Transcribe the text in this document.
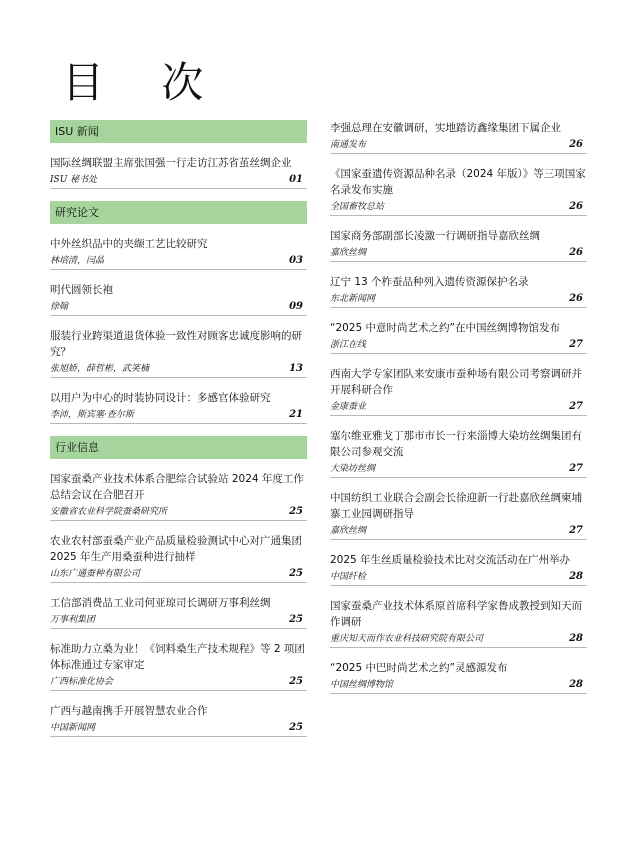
目 次
ISU 新闻
国际丝绸联盟主席张国强一行走访江苏省茧丝绸企业
ISU 秘书处	01
研究论文
中外丝织品中的夹缬工艺比较研究
林培清，闫晶	03
明代圆领长袍
徐翰	09
服装行业跨渠道退货体验一致性对顾客忠诚度影响的研究？
张旭娇，薛哲彬，武笑楠	13
以用户为中心的时装协同设计：多感官体验研究
李沛，斯宾塞·查尔斯	21
行业信息
国家蚕桑产业技术体系合肥综合试验站 2024 年度工作总结会议在合肥召开
安徽省农业科学院蚕桑研究所	25
农业农村部蚕桑产业产品质量检验测试中心对广通集团 2025 年生产用桑蚕种进行抽样
山东广通蚕种有限公司	25
工信部消费品工业司何亚琼司长调研万事利丝绸
万事利集团	25
标准助力立桑为业！《饲料桑生产技术规程》等 2 项团体标准通过专家审定
广西标准化协会	25
广西与越南携手开展智慧农业合作
中国新闻网	25
李强总理在安徽调研，实地踏访鑫缘集团下属企业
南通发布	26
《国家蚕遗传资源品种名录（2024 年版）》等三项国家名录发布实施
全国畜牧总站	26
国家商务部副部长凌激一行调研指导嘉欣丝绸
嘉欣丝绸	26
辽宁 13 个柞蚕品种列入遗传资源保护名录
东北新闻网	26
“2025 中意时尚艺术之约”在中国丝绸博物馆发布
浙江在线	27
西南大学专家团队来安康市蚕种场有限公司考察调研并开展科研合作
金康蚕业	27
塞尔维亚雅戈丁那市市长一行来淄博大染坊丝绸集团有限公司参观交流
大染坊丝绸	27
中国纺织工业联合会副会长徐迎新一行赴嘉欣丝绸柬埔寨工业园调研指导
嘉欣丝绸	27
2025 年生丝质量检验技术比对交流活动在广州举办
中国纤检	28
国家蚕桑产业技术体系原首席科学家鲁成教授到知天而作调研
重庆知天而作农业科技研究院有限公司	28
“2025 中巴时尚艺术之约”灵感源发布
中国丝绸博物馆	28
